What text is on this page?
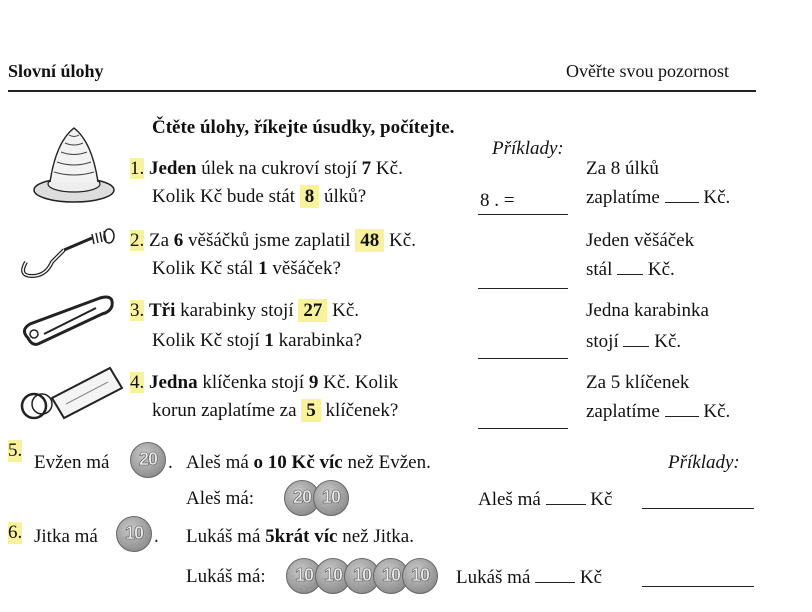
Slovní úlohy	Ověřte svou pozornost
Čtěte úlohy, říkejte úsudky, počítejte.
Příklady:
1. Jeden úlek na cukroví stojí 7 Kč.
Kolik Kč bude stát 8 úlků?	8 . =
Za 8 úlků
zaplatíme Kč.
2. Za 6 věšáčků jsme zaplatil 48 Kč.
Kolik Kč stál 1 věšáček?
Jeden věšáček
stál Kč.
3. Tři karabinky stojí 27 Kč.
Kolik Kč stojí 1 karabinka?
Jedna karabinka
stojí Kč.
4. Jedna klíčenka stojí 9 Kč. Kolik
korun zaplatíme za 5 klíčenek?
Za 5 klíčenek
zaplatíme Kč.
5.
Evžen má	20 . Aleš má o 10 Kč víc než Evžen.	Příklady:
Aleš má:	20 10	Aleš má	Kč
6. Jitka má	10 . Lukáš má 5krát víc než Jitka.
Lukáš má:	10 10 10 10 10	Lukáš má	Kč
